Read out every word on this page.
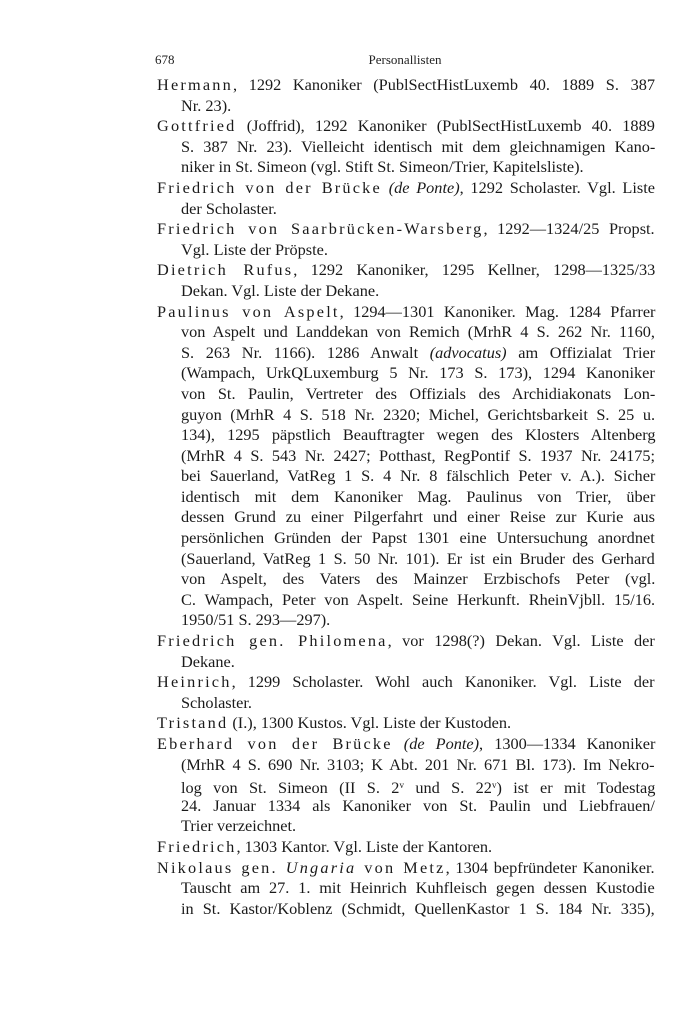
678	Personallisten
Hermann, 1292 Kanoniker (PublSectHistLuxemb 40. 1889 S. 387
Nr. 23).
Gottfried (Joffrid), 1292 Kanoniker (PublSectHistLuxemb 40. 1889
S. 387 Nr. 23). Vielleicht identisch mit dem gleichnamigen Kano-
niker in St. Simeon (vgl. Stift St. Simeon/Trier, Kapitelsliste).
Friedrich von der Brücke (de Ponte), 1292 Scholaster. Vgl. Liste
der Scholaster.
Friedrich von Saarbrücken-Warsberg, 1292—1324/25 Propst.
Vgl. Liste der Pröpste.
Dietrich Rufus, 1292 Kanoniker, 1295 Kellner, 1298—1325/33
Dekan. Vgl. Liste der Dekane.
Paulinus von Aspelt, 1294—1301 Kanoniker. Mag. 1284 Pfarrer
von Aspelt und Landdekan von Remich (MrhR 4 S. 262 Nr. 1160,
S. 263 Nr. 1166). 1286 Anwalt (advocatus) am Offizialat Trier
(Wampach, UrkQLuxemburg 5 Nr. 173 S. 173), 1294 Kanoniker
von St. Paulin, Vertreter des Offizials des Archidiakonats Lon-
guyon (MrhR 4 S. 518 Nr. 2320; Michel, Gerichtsbarkeit S. 25 u.
134), 1295 päpstlich Beauftragter wegen des Klosters Altenberg
(MrhR 4 S. 543 Nr. 2427; Potthast, RegPontif S. 1937 Nr. 24175;
bei Sauerland, VatReg 1 S. 4 Nr. 8 fälschlich Peter v. A.). Sicher
identisch mit dem Kanoniker Mag. Paulinus von Trier, über
dessen Grund zu einer Pilgerfahrt und einer Reise zur Kurie aus
persönlichen Gründen der Papst 1301 eine Untersuchung anordnet
(Sauerland, VatReg 1 S. 50 Nr. 101). Er ist ein Bruder des Gerhard
von Aspelt, des Vaters des Mainzer Erzbischofs Peter (vgl.
C. Wampach, Peter von Aspelt. Seine Herkunft. RheinVjbll. 15/16.
1950/51 S. 293—297).
Friedrich gen. Philomena, vor 1298(?) Dekan. Vgl. Liste der
Dekane.
Heinrich, 1299 Scholaster. Wohl auch Kanoniker. Vgl. Liste der
Scholaster.
Tristand (I.), 1300 Kustos. Vgl. Liste der Kustoden.
Eberhard von der Brücke (de Ponte), 1300—1334 Kanoniker
(MrhR 4 S. 690 Nr. 3103; K Abt. 201 Nr. 671 Bl. 173). Im Nekro-
log von St. Simeon (II S. 2$^v$ und S. 22$^v$) ist er mit Todestag
24. Januar 1334 als Kanoniker von St. Paulin und Liebfrauen/
Trier verzeichnet.
Friedrich, 1303 Kantor. Vgl. Liste der Kantoren.
Nikolaus gen. Ungaria von Metz, 1304 bepfründeter Kanoniker.
Tauscht am 27. 1. mit Heinrich Kuhfleisch gegen dessen Kustodie
in St. Kastor/Koblenz (Schmidt, QuellenKastor 1 S. 184 Nr. 335),
